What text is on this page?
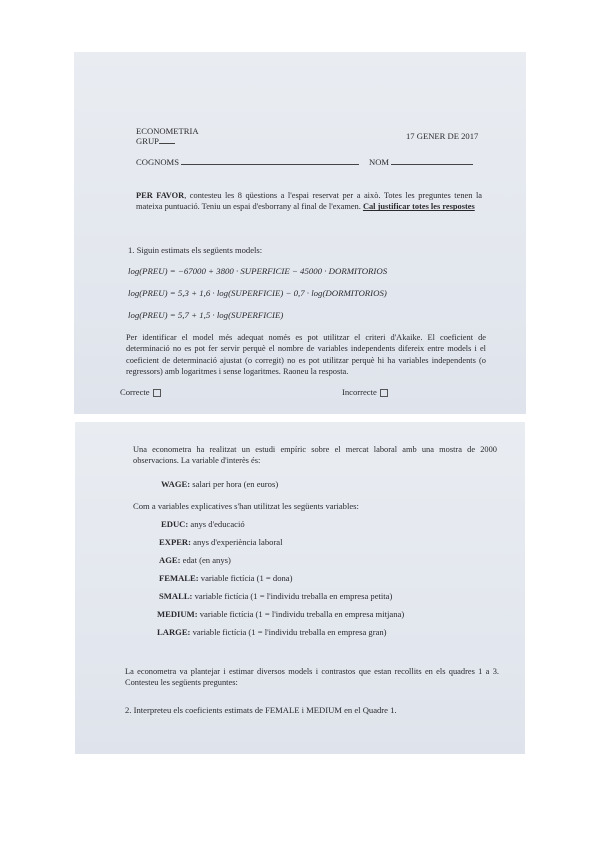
ECONOMETRIA
GRUP	17 GENER DE 2017
COGNOMS	NOM
PER FAVOR, contesteu les 8 qüestions a l'espai reservat per a això. Totes les preguntes tenen la mateixa puntuació. Teniu un espai d'esborrany al final de l'examen. Cal justificar totes les respostes
1. Siguin estimats els següents models:
log(PREU) = −67000 + 3800 · SUPERFICIE − 45000 · DORMITORIOS
log(PREU) = 5,3 + 1,6 · log(SUPERFICIE) − 0,7 · log(DORMITORIOS)
log(PREU) = 5,7 + 1,5 · log(SUPERFICIE)
Per identificar el model més adequat només es pot utilitzar el criteri d'Akaike. El coeficient de determinació no es pot fer servir perquè el nombre de variables independents difereix entre models i el coeficient de determinació ajustat (o corregit) no es pot utilitzar perquè hi ha variables independents (o regressors) amb logaritmes i sense logaritmes. Raoneu la resposta.
Correcte	Incorrecte
Una econometra ha realitzat un estudi empíric sobre el mercat laboral amb una mostra de 2000 observacions. La variable d'interès és:
WAGE: salari per hora (en euros)
Com a variables explicatives s'han utilitzat les següents variables:
EDUC: anys d'educació
EXPER: anys d'experiència laboral
AGE: edat (en anys)
FEMALE: variable fictícia (1 = dona)
SMALL: variable fictícia (1 = l'individu treballa en empresa petita)
MEDIUM: variable fictícia (1 = l'individu treballa en empresa mitjana)
LARGE: variable fictícia (1 = l'individu treballa en empresa gran)
La econometra va plantejar i estimar diversos models i contrastos que estan recollits en els quadres 1 a 3. Contesteu les següents preguntes:
2. Interpreteu els coeficients estimats de FEMALE i MEDIUM en el Quadre 1.
